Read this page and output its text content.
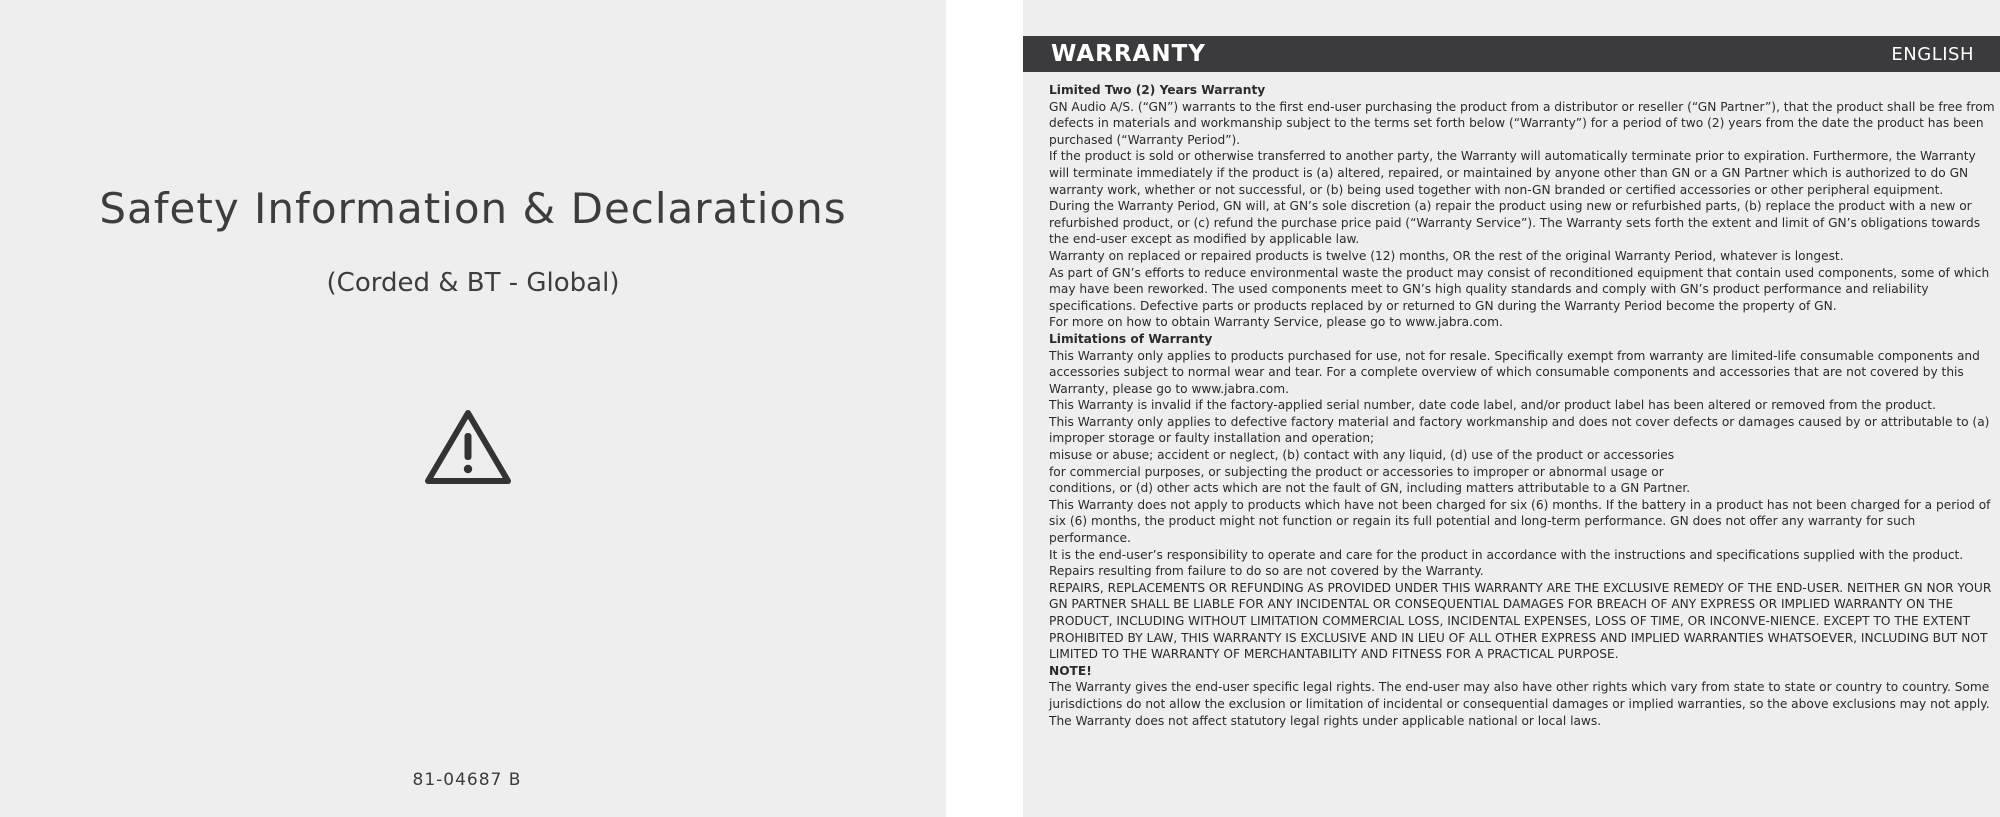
Safety Information & Declarations
(Corded & BT - Global)
81-04687 B
WARRANTY	ENGLISH

Limited Two (2) Years Warranty

GN Audio A/S. (“GN”) warrants to the first end-user purchasing the product from a distributor or reseller (“GN Partner”), that the product shall be free from defects in materials and workmanship subject to the terms set forth below (“Warranty”) for a period of two (2) years from the date the product has been purchased (“Warranty Period”).

If the product is sold or otherwise transferred to another party, the Warranty will automatically terminate prior to expiration. Furthermore, the Warranty will terminate immediately if the product is (a) altered, repaired, or maintained by anyone other than GN or a GN Partner which is authorized to do GN warranty work, whether or not successful, or (b) being used together with non-GN branded or certified accessories or other peripheral equipment.

During the Warranty Period, GN will, at GN’s sole discretion (a) repair the product using new or refurbished parts, (b) replace the product with a new or refurbished product, or (c) refund the purchase price paid (“Warranty Service”). The Warranty sets forth the extent and limit of GN’s obligations towards the end-user except as modified by applicable law.

Warranty on replaced or repaired products is twelve (12) months, OR the rest of the original Warranty Period, whatever is longest.

As part of GN’s efforts to reduce environmental waste the product may consist of reconditioned equipment that contain used components, some of which may have been reworked. The used components meet to GN’s high quality standards and comply with GN’s product performance and reliability specifications. Defective parts or products replaced by or returned to GN during the Warranty Period become the property of GN.

For more on how to obtain Warranty Service, please go to www.jabra.com.

Limitations of Warranty

This Warranty only applies to products purchased for use, not for resale. Specifically exempt from warranty are limited-life consumable components and accessories subject to normal wear and tear. For a complete overview of which consumable components and accessories that are not covered by this Warranty, please go to www.jabra.com.

This Warranty is invalid if the factory-applied serial number, date code label, and/or product label has been altered or removed from the product.

This Warranty only applies to defective factory material and factory workmanship and does not cover defects or damages caused by or attributable to (a) improper storage or faulty installation and operation;

misuse or abuse; accident or neglect, (b) contact with any liquid, (d) use of the product or accessories

for commercial purposes, or subjecting the product or accessories to improper or abnormal usage or

conditions, or (d) other acts which are not the fault of GN, including matters attributable to a GN Partner.

This Warranty does not apply to products which have not been charged for six (6) months. If the battery in a product has not been charged for a period of six (6) months, the product might not function or regain its full potential and long-term performance. GN does not offer any warranty for such performance.

It is the end-user’s responsibility to operate and care for the product in accordance with the instructions and specifications supplied with the product.

Repairs resulting from failure to do so are not covered by the Warranty.

REPAIRS, REPLACEMENTS OR REFUNDING AS PROVIDED UNDER THIS WARRANTY ARE THE EXCLUSIVE REMEDY OF THE END-USER. NEITHER GN NOR YOUR GN PARTNER SHALL BE LIABLE FOR ANY INCIDENTAL OR CONSEQUENTIAL DAMAGES FOR BREACH OF ANY EXPRESS OR IMPLIED WARRANTY ON THE PRODUCT, INCLUDING WITHOUT LIMITATION COMMERCIAL LOSS, INCIDENTAL EXPENSES, LOSS OF TIME, OR INCONVE-NIENCE. EXCEPT TO THE EXTENT PROHIBITED BY LAW, THIS WARRANTY IS EXCLUSIVE AND IN LIEU OF ALL OTHER EXPRESS AND IMPLIED WARRANTIES WHATSOEVER, INCLUDING BUT NOT LIMITED TO THE WARRANTY OF MERCHANTABILITY AND FITNESS FOR A PRACTICAL PURPOSE.

NOTE!

The Warranty gives the end-user specific legal rights. The end-user may also have other rights which vary from state to state or country to country. Some jurisdictions do not allow the exclusion or limitation of incidental or consequential damages or implied warranties, so the above exclusions may not apply. The Warranty does not affect statutory legal rights under applicable national or local laws.
